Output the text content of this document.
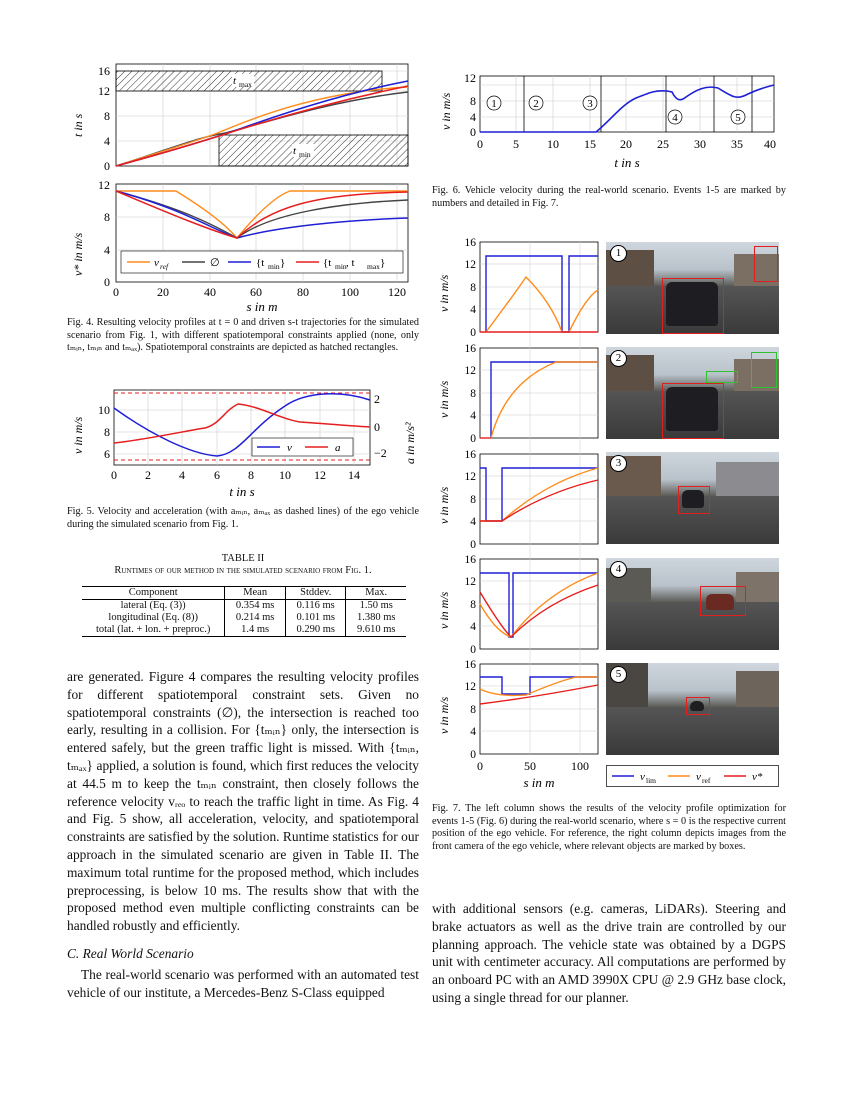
t max
t min
0
4
8
12
16
t in s
v ref	∅	{t min }	{t min , t max }
0
4
8
12
0	20	40	60	80	100 120
s in m
v* in m/s
Fig. 4. Resulting velocity profiles at t = 0 and driven s-t trajectories for the simulated scenario from Fig. 1, with different spatiotemporal constraints applied (none, only tₘᵢₙ, tₘᵢₙ and tₘₐₓ). Spatiotemporal constraints are depicted as hatched rectangles.
v	a
6
8
10
−2
0
2
0 2 4 6 8 10 12 14
t in s
v in m/s	a in m/s²
Fig. 5. Velocity and acceleration (with aₘᵢₙ, aₘₐₓ as dashed lines) of the ego vehicle during the simulated scenario from Fig. 1.
TABLE II
Runtimes of our method in the simulated scenario from Fig. 1.
Component	Mean	Stddev.	Max.
lateral (Eq. (3))	0.354 ms	0.116 ms	1.50 ms
longitudinal (Eq. (8))	0.214 ms	0.101 ms	1.380 ms
total (lat. + lon. + preproc.)	1.4 ms	0.290 ms	9.610 ms
are generated. Figure 4 compares the resulting velocity profiles for different spatiotemporal constraint sets. Given no spatiotemporal constraints (∅), the intersection is reached too early, resulting in a collision. For {tₘᵢₙ} only, the intersection is entered safely, but the green traffic light is missed. With {tₘᵢₙ, tₘₐₓ} applied, a solution is found, which first reduces the velocity at 44.5 m to keep the tₘᵢₙ constraint, then closely follows the reference velocity vᵣₑₒ to reach the traffic light in time. As Fig. 4 and Fig. 5 show, all acceleration, velocity, and spatiotemporal constraints are satisfied by the solution. Runtime statistics for our approach in the simulated scenario are given in Table II. The maximum total runtime for the proposed method, which includes preprocessing, is below 10 ms. The results show that with the proposed method even multiple conflicting constraints can be handled robustly and efficiently.
C. Real World Scenario
The real-world scenario was performed with an automated test vehicle of our institute, a Mercedes-Benz S-Class equipped
1	2	3
4	5
0
4
8
12
0	5 10 15 20 25 30 35 40
t in s
v in m/s
Fig. 6. Vehicle velocity during the real-world scenario. Events 1-5 are marked by numbers and detailed in Fig. 7.
0
4
8
12
16
0
4
8
12
16
0
4
8
12
16
0
4
8
12
16
0
4
8
12
16
v in m/s
v in m/s
v in m/s
v in m/s
v in m/s
0	50	100
s in m
1
2
3
4
5
v lim	v ref	v*
Fig. 7. The left column shows the results of the velocity profile optimization for events 1-5 (Fig. 6) during the real-world scenario, where s = 0 is the respective current position of the ego vehicle. For reference, the right column depicts images from the front camera of the ego vehicle, where relevant objects are marked by boxes.
with additional sensors (e.g. cameras, LiDARs). Steering and brake actuators as well as the drive train are controlled by our planning approach. The vehicle state was obtained by a DGPS unit with centimeter accuracy. All computations are performed by an onboard PC with an AMD 3990X CPU @ 2.9 GHz base clock, using a single thread for our planner.
